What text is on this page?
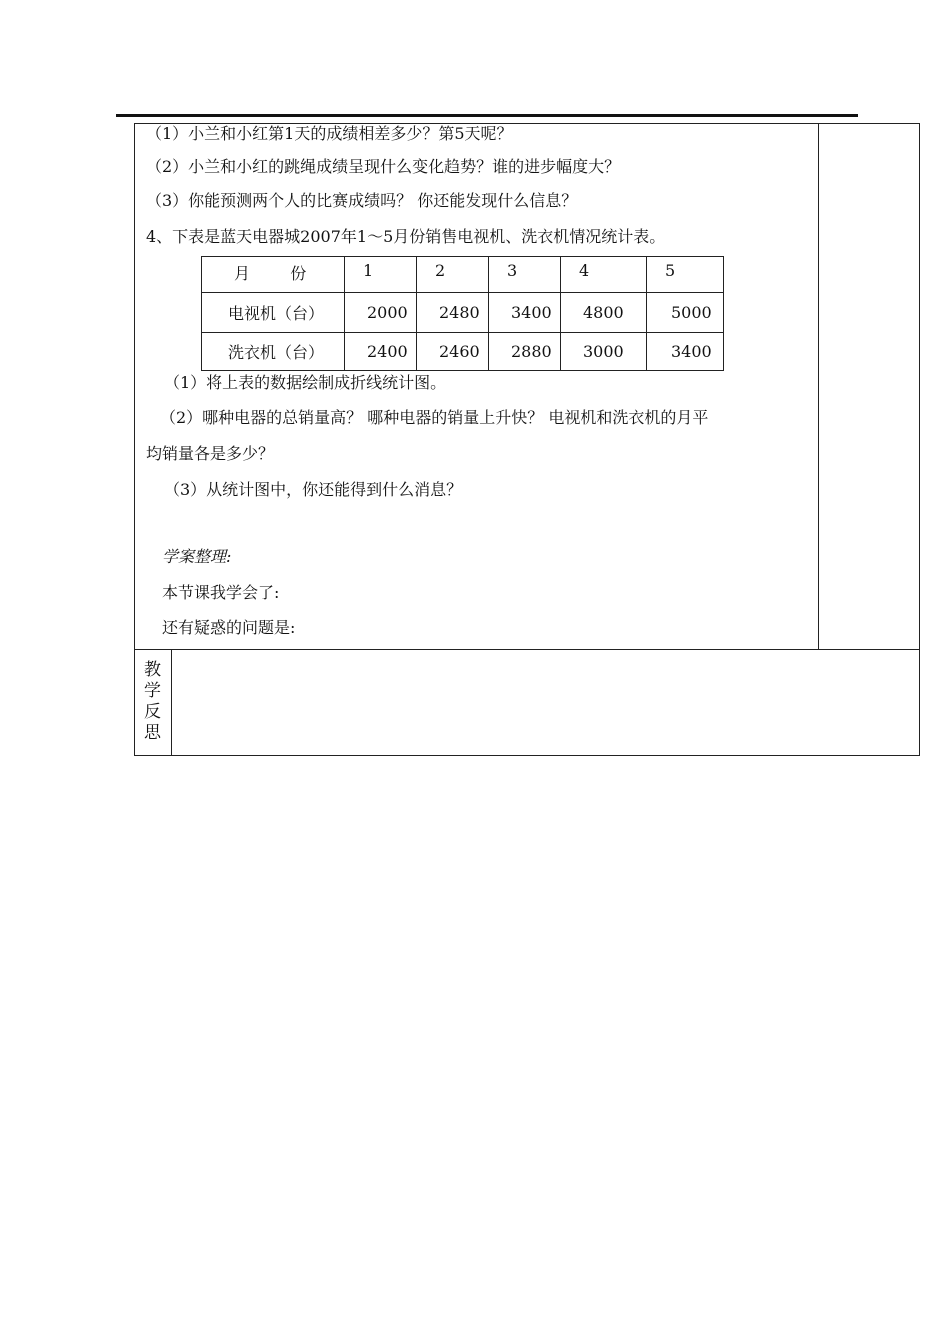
（1）小兰和小红第1天的成绩相差多少？第5天呢？
（2）小兰和小红的跳绳成绩呈现什么变化趋势？谁的进步幅度大？
（3）你能预测两个人的比赛成绩吗？ 你还能发现什么信息？
4、下表是蓝天电器城2007年1～5月份销售电视机、洗衣机情况统计表。
月 份	1	2	3	4	5
电视机（台）	2000	2480	3400	4800	5000
洗衣机（台）	2400	2460	2880	3000	3400
（1）将上表的数据绘制成折线统计图。
（2）哪种电器的总销量高？ 哪种电器的销量上升快？ 电视机和洗衣机的月平
均销量各是多少？
（3）从统计图中，你还能得到什么消息？
学案整理:
本节课我学会了:
还有疑惑的问题是:
教
学
反
思
